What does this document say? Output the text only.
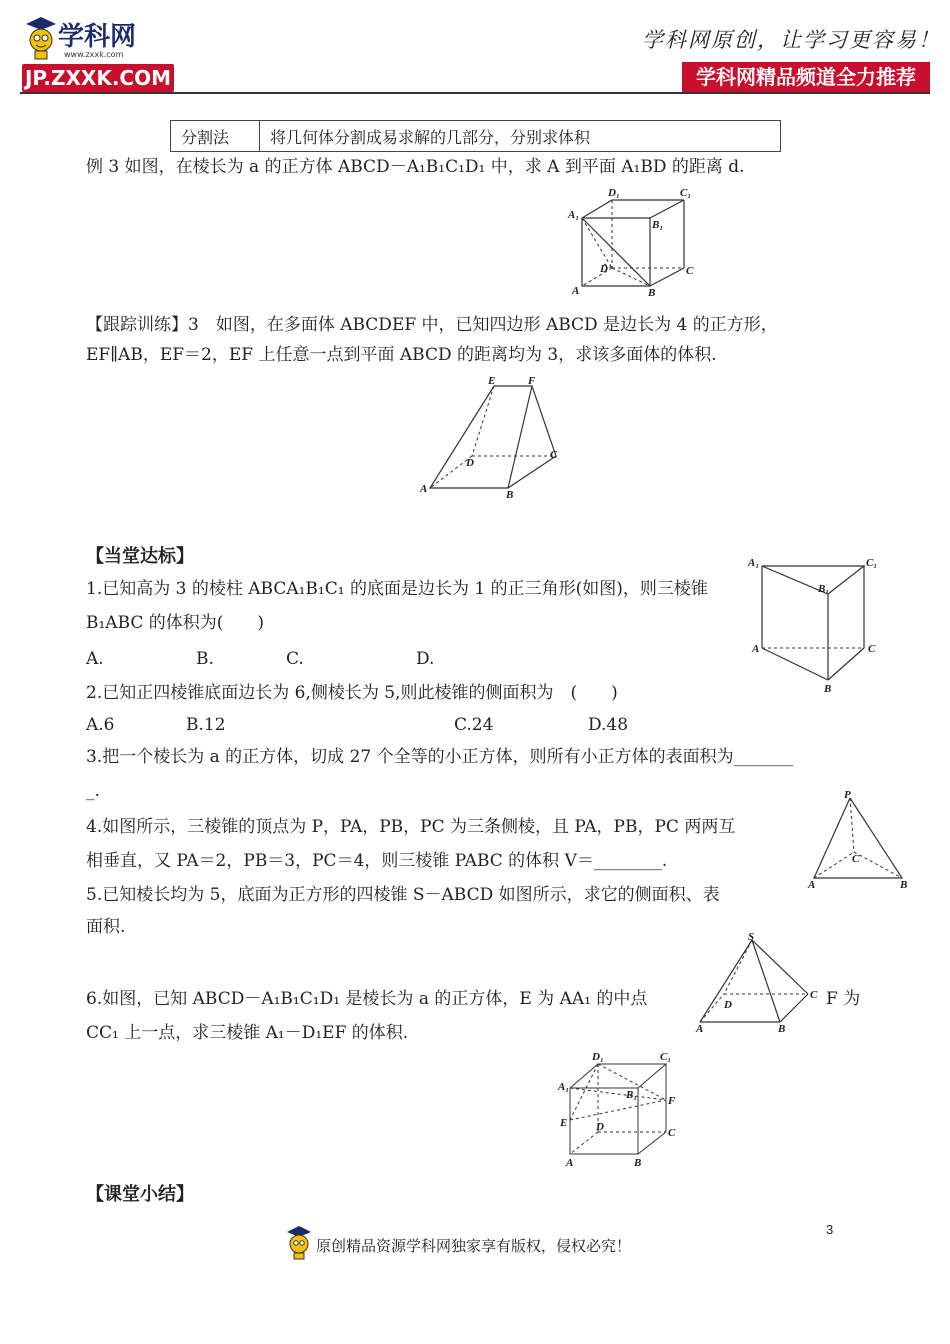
学科网
www.zxxk.com
JP.ZXXK.COM
学科网原创，让学习更容易！
学科网精品频道全力推荐
分割法	将几何体分割成易求解的几部分，分别求体积
例 3 如图，在棱长为 a 的正方体 ABCD－A₁B₁C₁D₁ 中，求 A 到平面 A₁BD 的距离 d.
D₁	C₁
A₁
B₁
D	C
A	B
【跟踪训练】3　如图，在多面体 ABCDEF 中，已知四边形 ABCD 是边长为 4 的正方形，
EF∥AB，EF＝2，EF 上任意一点到平面 ABCD 的距离均为 3，求该多面体的体积.
E	F
D
C
A	B
【当堂达标】
1.已知高为 3 的棱柱 ABCA₁B₁C₁ 的底面是边长为 1 的正三角形(如图)，则三棱锥
B₁ABC 的体积为(　　)
A.	B.	C.	D.
A₁	C₁
B₁
A	C
B
2.已知正四棱锥底面边长为 6,侧棱长为 5,则此棱锥的侧面积为　(　　)
A.6	B.12	C.24	D.48
3.把一个棱长为 a 的正方体，切成 27 个全等的小正方体，则所有小正方体的表面积为_______
_.
4.如图所示，三棱锥的顶点为 P，PA，PB，PC 为三条侧棱，且 PA，PB，PC 两两互
相垂直，又 PA＝2，PB＝3，PC＝4，则三棱锥 PABC 的体积 V＝________.
P
C
A	B
5.已知棱长均为 5，底面为正方形的四棱锥 S－ABCD 如图所示，求它的侧面积、表
面积.	S
D
C
A	B
6.如图，已知 ABCD－A₁B₁C₁D₁ 是棱长为 a 的正方体，E 为 AA₁ 的中点	F 为
CC₁ 上一点，求三棱锥 A₁－D₁EF 的体积.
D₁	C₁
A₁
B₁	F
E	D	C
A	B
【课堂小结】
3
原创精品资源学科网独家享有版权，侵权必究！
